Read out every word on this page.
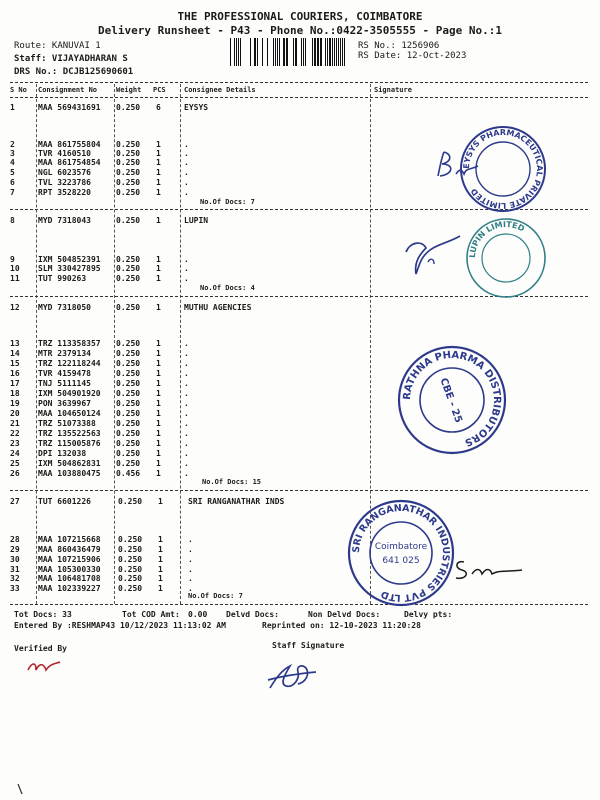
THE PROFESSIONAL COURIERS, COIMBATORE
Delivery Runsheet - P43 - Phone No.:0422-3505555 - Page No.:1
Route: KANUVAI 1
Staff: VIJAYADHARAN S
DRS No.: DCJB125690601
RS No.: 1256906
RS Date: 12-Oct-2023
S No Consignment No	Weight PCS	Consignee Details	Signature
EYSYS
1	MAA 569431691 0.250 6
2	MAA 861755804 0.250 1	.
3	TVR 4160510	0.250 1	.
4	MAA 861754854 0.250 1	.
5	NGL 6023576	0.250 1	.
6	TVL 3223786	0.250 1	.
7	RPT 3528220	0.250 1	.
No.Of Docs: 7
LUPIN
8	MYD 7318043	0.250 1
9	IXM 504852391 0.250 1	.
10 SLM 330427895 0.250 1	.
11 TUT 990263	0.250 1	.
No.Of Docs: 4
MUTHU AGENCIES
12 MYD 7318050	0.250 1
13 TRZ 113358357 0.250 1	.
14 MTR 2379134	0.250 1	.
15 TRZ 122118244 0.250 1	.
16 TVR 4159478	0.250 1	.
17 TNJ 5111145	0.250 1	.
18 IXM 504901920 0.250 1	.
19 PON 3639967	0.250 1	.
20 MAA 104650124 0.250 1	.
21 TRZ 51073388	0.250 1	.
22 TRZ 135522563 0.250 1	.
23 TRZ 115005876 0.250 1	.
24 DPI 132038	0.250 1	.
25 IXM 504862831 0.250 1	.
26 MAA 103880475 0.456 1	.
No.Of Docs: 15
SRI RANGANATHAR INDS
27 TUT 6601226	0.250 1
28 MAA 107215668 0.250 1	.
29 MAA 860436479 0.250 1	.
30 MAA 107215906 0.250 1	.
31 MAA 105300330 0.250 1	.
32 MAA 106481708 0.250 1	.
33 MAA 102339227 0.250 1	.
No.Of Docs: 7
Tot Docs: 33	Tot COD Amt: 0.00 Delvd Docs:	Non Delvd Docs:	Delvy pts:
Entered By :RESHMAP43 10/12/2023 11:13:02 AM	Reprinted on: 12-10-2023 11:20:28
Verified By	Staff Signature
EYSYS PHARMACEUTICAL PRIVATE LIMITED
LUPIN LIMITED
RATHNA PHARMA DISTRIBUTORS
CBE - 25
SRI RANGANATHAR INDUSTRIES PVT LTD
Coimbatore
641 025
